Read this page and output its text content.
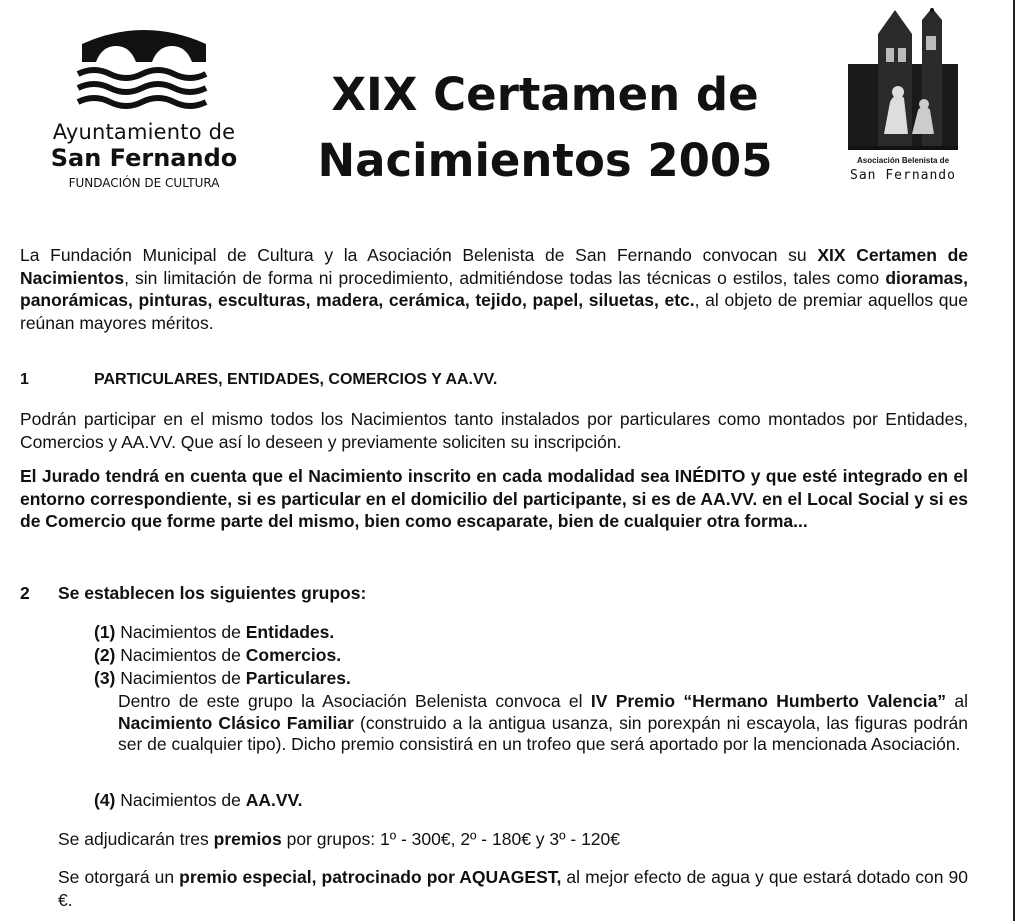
Ayuntamiento de
San Fernando
FUNDACIÓN DE CULTURA
XIX Certamen de
Nacimientos 2005	Asociación Belenista de
San Fernando
La Fundación Municipal de Cultura y la Asociación Belenista de San Fernando convocan su XIX Certamen de Nacimientos, sin limitación de forma ni procedimiento, admitiéndose todas las técnicas o estilos, tales como dioramas, panorámicas, pinturas, esculturas, madera, cerámica, tejido, papel, siluetas, etc., al objeto de premiar aquellos que reúnan mayores méritos.
1	PARTICULARES, ENTIDADES, COMERCIOS Y AA.VV.
Podrán participar en el mismo todos los Nacimientos tanto instalados por particulares como montados por Entidades, Comercios y AA.VV. Que así lo deseen y previamente soliciten su inscripción.
El Jurado tendrá en cuenta que el Nacimiento inscrito en cada modalidad sea INÉDITO y que esté integrado en el entorno correspondiente, si es particular en el domicilio del participante, si es de AA.VV. en el Local Social y si es de Comercio que forme parte del mismo, bien como escaparate, bien de cualquier otra forma...
2 Se establecen los siguientes grupos:
(1) Nacimientos de Entidades.
(2) Nacimientos de Comercios.
(3) Nacimientos de Particulares.
Dentro de este grupo la Asociación Belenista convoca el IV Premio “Hermano Humberto Valencia” al Nacimiento Clásico Familiar (construido a la antigua usanza, sin porexpán ni escayola, las figuras podrán ser de cualquier tipo). Dicho premio consistirá en un trofeo que será aportado por la mencionada Asociación.
(4) Nacimientos de AA.VV.
Se adjudicarán tres premios por grupos: 1º - 300€, 2º - 180€ y 3º - 120€
Se otorgará un premio especial, patrocinado por AQUAGEST, al mejor efecto de agua y que estará dotado con 90 €.
